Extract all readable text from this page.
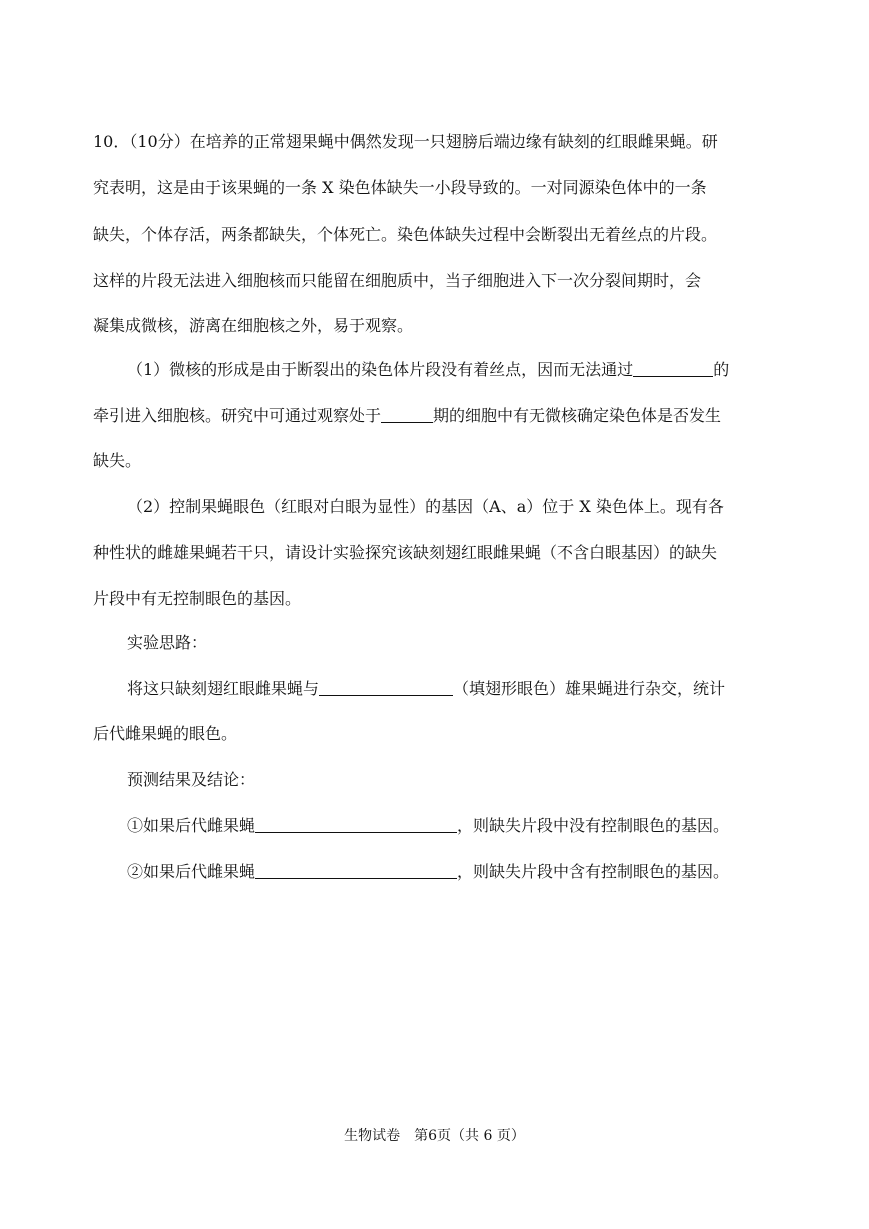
10．（10分）在培养的正常翅果蝇中偶然发现一只翅膀后端边缘有缺刻的红眼雌果蝇。研
究表明，这是由于该果蝇的一条 X 染色体缺失一小段导致的。一对同源染色体中的一条
缺失，个体存活，两条都缺失，个体死亡。染色体缺失过程中会断裂出无着丝点的片段。
这样的片段无法进入细胞核而只能留在细胞质中，当子细胞进入下一次分裂间期时，会
凝集成微核，游离在细胞核之外，易于观察。
（1）微核的形成是由于断裂出的染色体片段没有着丝点，因而无法通过	的
牵引进入细胞核。研究中可通过观察处于	期的细胞中有无微核确定染色体是否发生
缺失。
（2）控制果蝇眼色（红眼对白眼为显性）的基因（A、a）位于 X 染色体上。现有各
种性状的雌雄果蝇若干只，请设计实验探究该缺刻翅红眼雌果蝇（不含白眼基因）的缺失
片段中有无控制眼色的基因。
实验思路：
将这只缺刻翅红眼雌果蝇与	（填翅形眼色）雄果蝇进行杂交，统计
后代雌果蝇的眼色。
预测结果及结论：
①如果后代雌果蝇	，则缺失片段中没有控制眼色的基因。
②如果后代雌果蝇	，则缺失片段中含有控制眼色的基因。
生物试卷　第6页（共 6 页）
